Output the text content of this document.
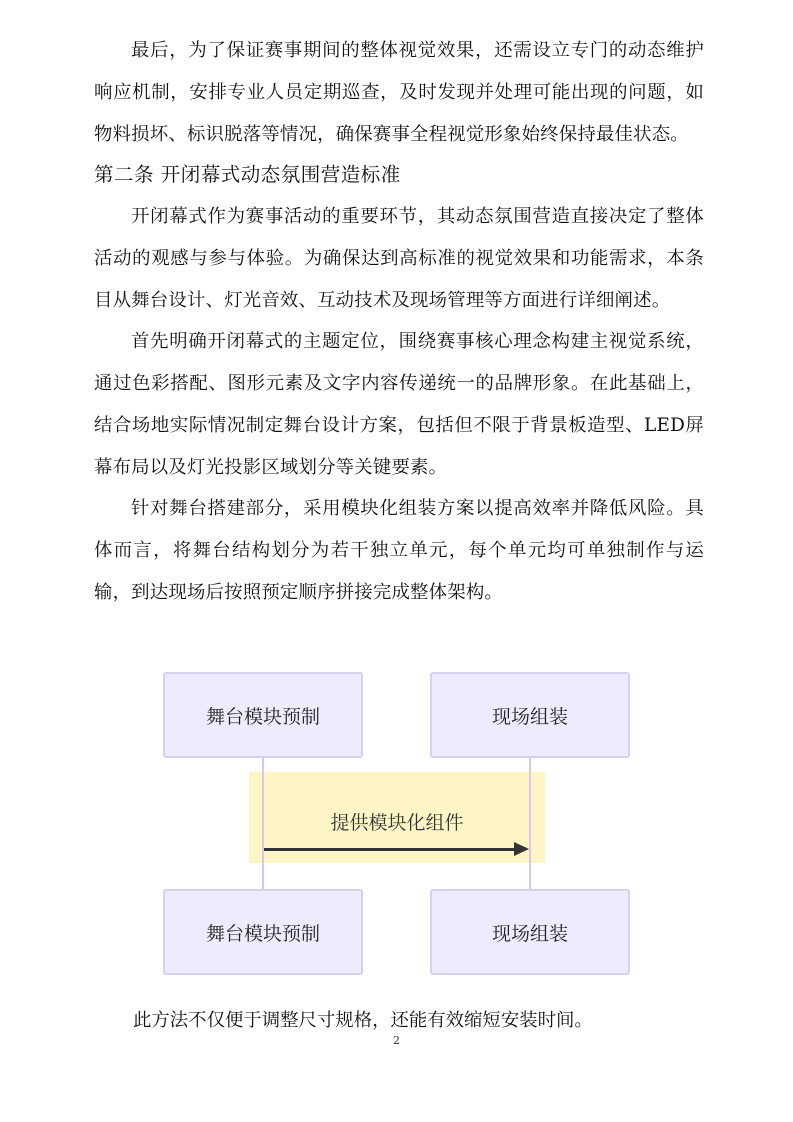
最后，为了保证赛事期间的整体视觉效果，还需设立专门的动态维护响应机制，安排专业人员定期巡查，及时发现并处理可能出现的问题，如物料损坏、标识脱落等情况，确保赛事全程视觉形象始终保持最佳状态。

第二条 开闭幕式动态氛围营造标准

开闭幕式作为赛事活动的重要环节，其动态氛围营造直接决定了整体活动的观感与参与体验。为确保达到高标准的视觉效果和功能需求，本条目从舞台设计、灯光音效、互动技术及现场管理等方面进行详细阐述。

首先明确开闭幕式的主题定位，围绕赛事核心理念构建主视觉系统，通过色彩搭配、图形元素及文字内容传递统一的品牌形象。在此基础上，结合场地实际情况制定舞台设计方案，包括但不限于背景板造型、LED屏幕布局以及灯光投影区域划分等关键要素。

针对舞台搭建部分，采用模块化组装方案以提高效率并降低风险。具体而言，将舞台结构划分为若干独立单元，每个单元均可单独制作与运输，到达现场后按照预定顺序拼接完成整体架构。

舞台模块预制	现场组装
提供模块化组件
舞台模块预制	现场组装

此方法不仅便于调整尺寸规格，还能有效缩短安装时间。

2
